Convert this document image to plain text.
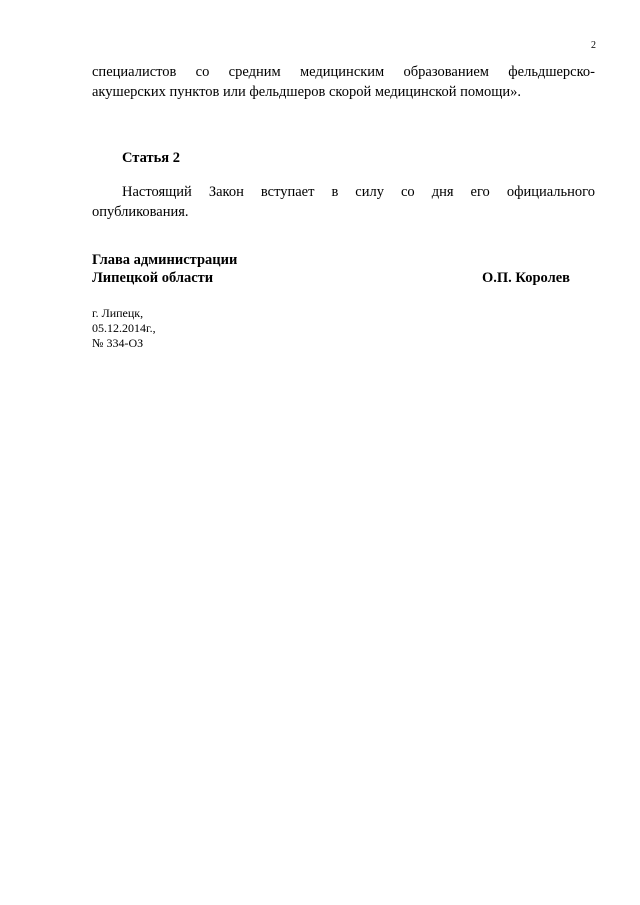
2
специалистов со средним медицинским образованием фельдшерско-
акушерских пунктов или фельдшеров скорой медицинской помощи».
Статья 2
Настоящий Закон вступает в силу со дня его официального
опубликования.
Глава администрации
Липецкой области	О.П. Королев
г. Липецк,
05.12.2014г.,
№ 334-ОЗ
